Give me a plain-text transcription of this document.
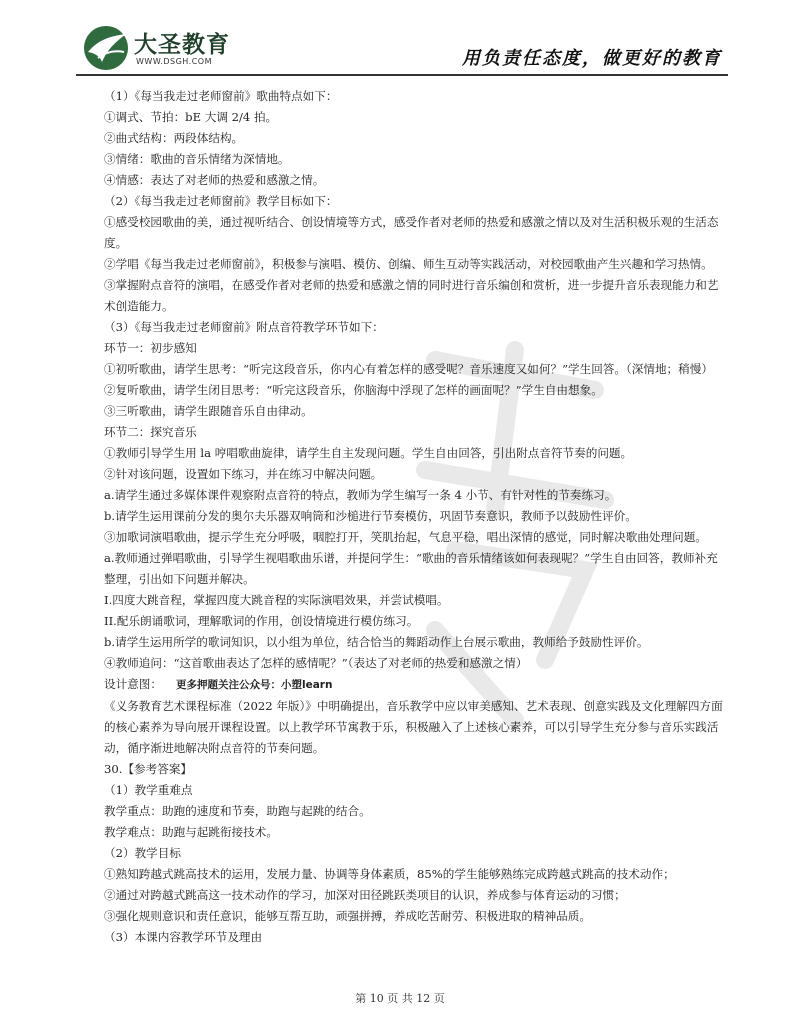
大圣教育
WWW.DSGH.COM	用负责任态度，做更好的教育

（1）《每当我走过老师窗前》歌曲特点如下：

①调式、节拍：bE 大调 2/4 拍。

②曲式结构：两段体结构。

③情绪：歌曲的音乐情绪为深情地。

④情感：表达了对老师的热爱和感激之情。

（2）《每当我走过老师窗前》教学目标如下：

①感受校园歌曲的美，通过视听结合、创设情境等方式，感受作者对老师的热爱和感激之情以及对生活积极乐观的生活态度。

②学唱《每当我走过老师窗前》，积极参与演唱、模仿、创编、师生互动等实践活动，对校园歌曲产生兴趣和学习热情。

③掌握附点音符的演唱，在感受作者对老师的热爱和感激之情的同时进行音乐编创和赏析，进一步提升音乐表现能力和艺术创造能力。

（3）《每当我走过老师窗前》附点音符教学环节如下：

环节一：初步感知

①初听歌曲，请学生思考：“听完这段音乐，你内心有着怎样的感受呢？音乐速度又如何？”学生回答。（深情地；稍慢）

②复听歌曲，请学生闭目思考：“听完这段音乐，你脑海中浮现了怎样的画面呢？”学生自由想象。

③三听歌曲，请学生跟随音乐自由律动。

环节二：探究音乐

①教师引导学生用 la 哼唱歌曲旋律，请学生自主发现问题。学生自由回答，引出附点音符节奏的问题。

②针对该问题，设置如下练习，并在练习中解决问题。

a.请学生通过多媒体课件观察附点音符的特点，教师为学生编写一条 4 小节、有针对性的节奏练习。

b.请学生运用课前分发的奥尔夫乐器双响筒和沙槌进行节奏模仿，巩固节奏意识，教师予以鼓励性评价。

③加歌词演唱歌曲，提示学生充分呼吸，咽腔打开，笑肌抬起，气息平稳，唱出深情的感觉，同时解决歌曲处理问题。

a.教师通过弹唱歌曲，引导学生视唱歌曲乐谱，并提问学生：“歌曲的音乐情绪该如何表现呢？”学生自由回答，教师补充整理，引出如下问题并解决。

I.四度大跳音程，掌握四度大跳音程的实际演唱效果，并尝试模唱。

II.配乐朗诵歌词，理解歌词的作用，创设情境进行模仿练习。

b.请学生运用所学的歌词知识，以小组为单位，结合恰当的舞蹈动作上台展示歌曲，教师给予鼓励性评价。

④教师追问：“这首歌曲表达了怎样的感情呢？”（表达了对老师的热爱和感激之情）

设计意图： 更多押题关注公众号：小塑learn

《义务教育艺术课程标准（2022 年版）》中明确提出，音乐教学中应以审美感知、艺术表现、创意实践及文化理解四方面的核心素养为导向展开课程设置。以上教学环节寓教于乐，积极融入了上述核心素养，可以引导学生充分参与音乐实践活动，循序渐进地解决附点音符的节奏问题。

30.【参考答案】

（1）教学重难点

教学重点：助跑的速度和节奏，助跑与起跳的结合。

教学难点：助跑与起跳衔接技术。

（2）教学目标

①熟知跨越式跳高技术的运用，发展力量、协调等身体素质，85%的学生能够熟练完成跨越式跳高的技术动作；

②通过对跨越式跳高这一技术动作的学习，加深对田径跳跃类项目的认识，养成参与体育运动的习惯；

③强化规则意识和责任意识，能够互帮互助，顽强拼搏，养成吃苦耐劳、积极进取的精神品质。

（3）本课内容教学环节及理由

第 10 页 共 12 页
